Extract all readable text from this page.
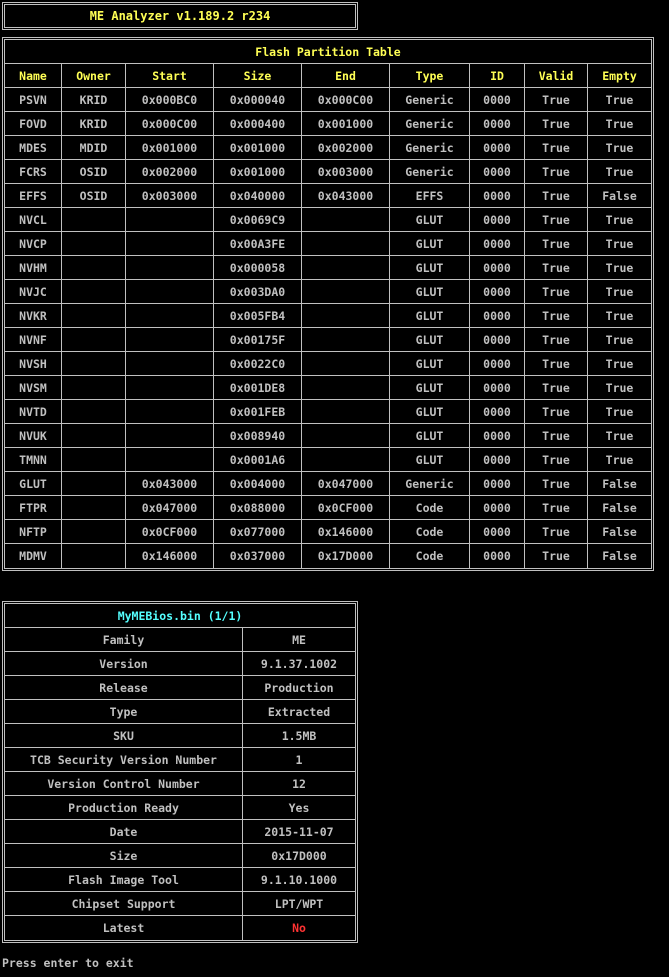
ME Analyzer v1.189.2 r234
Flash Partition Table								
Name	Owner	Start	Size	End	Type	ID	Valid	Empty
PSVN	KRID	0x000BC0	0x000040	0x000C00	Generic	0000	True	True
FOVD	KRID	0x000C00	0x000400	0x001000	Generic	0000	True	True
MDES	MDID	0x001000	0x001000	0x002000	Generic	0000	True	True
FCRS	OSID	0x002000	0x001000	0x003000	Generic	0000	True	True
EFFS	OSID	0x003000	0x040000	0x043000	EFFS	0000	True	False
NVCL			0x0069C9		GLUT	0000	True	True
NVCP			0x00A3FE		GLUT	0000	True	True
NVHM			0x000058		GLUT	0000	True	True
NVJC			0x003DA0		GLUT	0000	True	True
NVKR			0x005FB4		GLUT	0000	True	True
NVNF			0x00175F		GLUT	0000	True	True
NVSH			0x0022C0		GLUT	0000	True	True
NVSM			0x001DE8		GLUT	0000	True	True
NVTD			0x001FEB		GLUT	0000	True	True
NVUK			0x008940		GLUT	0000	True	True
TMNN			0x0001A6		GLUT	0000	True	True
GLUT		0x043000	0x004000	0x047000	Generic	0000	True	False
FTPR		0x047000	0x088000	0x0CF000	Code	0000	True	False
NFTP		0x0CF000	0x077000	0x146000	Code	0000	True	False
MDMV		0x146000	0x037000	0x17D000	Code	0000	True	False
MyMEBios.bin (1/1)	
Family	ME
Version	9.1.37.1002
Release	Production
Type	Extracted
SKU	1.5MB
TCB Security Version Number	1
Version Control Number	12
Production Ready	Yes
Date	2015-11-07
Size	0x17D000
Flash Image Tool	9.1.10.1000
Chipset Support	LPT/WPT
Latest	No
Press enter to exit
